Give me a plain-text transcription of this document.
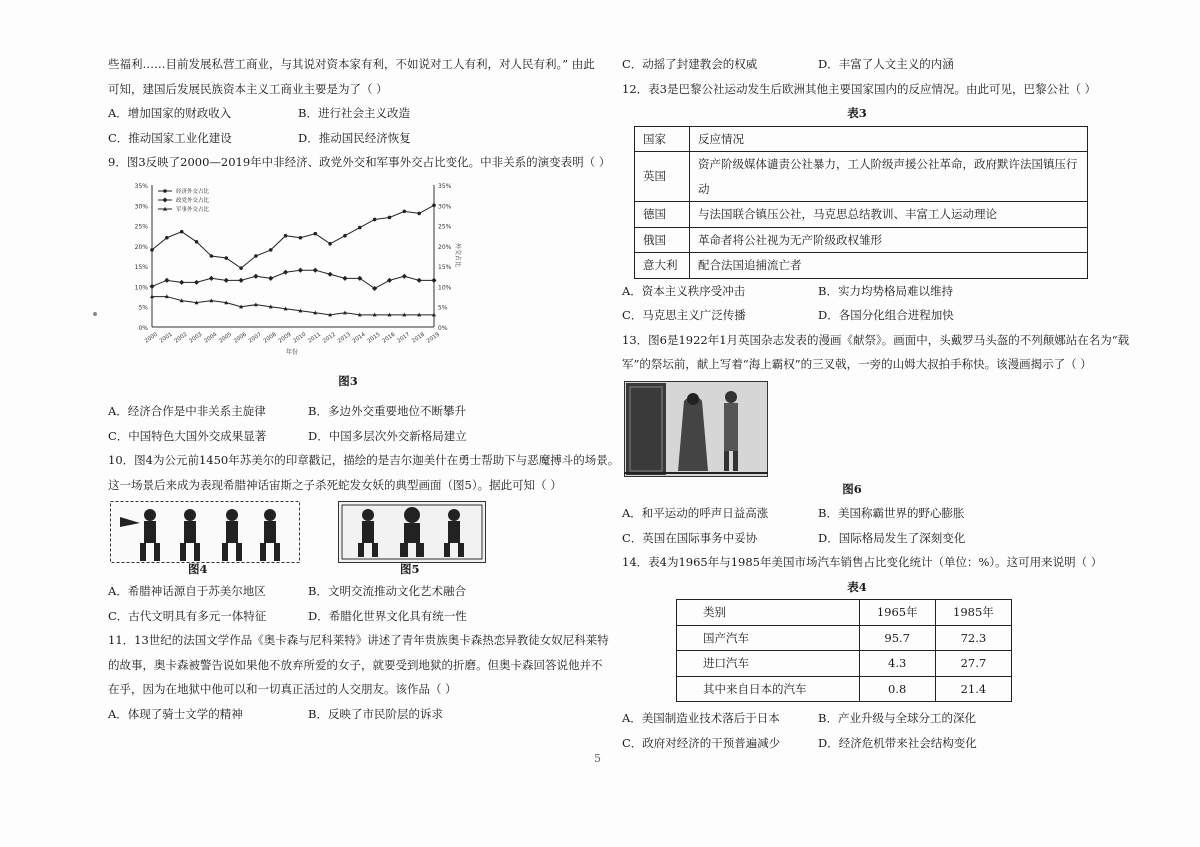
些福利……目前发展私营工商业，与其说对资本家有利，不如说对工人有利，对人民有利。” 由此
可知，建国后发展民族资本主义工商业主要是为了（ ）
A．增加国家的财政收入	B．进行社会主义改造
C．推动国家工业化建设	D．推动国民经济恢复
9．图3反映了2000—2019年中非经济、政党外交和军事外交占比变化。中非关系的演变表明（ ）
0%	0%
5%	5%
10%	10%
15%	15%
20%	20%
25%	25%
30%	30%
35%	35%
2000 2001 2002 2003 2004 2005 2006 2007 2008 2009 2010 2011 2012 2013 2014 2015 2016 2017 2018 2019
年份
外交占比
经济外交占比
政党外交占比
军事外交占比
图3
A．经济合作是中非关系主旋律	B．多边外交重要地位不断攀升
C．中国特色大国外交成果显著	D．中国多层次外交新格局建立
10．图4为公元前1450年苏美尔的印章戳记，描绘的是吉尔迦美什在勇士帮助下与恶魔搏斗的场景。
这一场景后来成为表现希腊神话宙斯之子杀死蛇发女妖的典型画面（图5）。据此可知（ ）
图4	图5
A．希腊神话源自于苏美尔地区	B．文明交流推动文化艺术融合
C．古代文明具有多元一体特征	D．希腊化世界文化具有统一性
11．13世纪的法国文学作品《奥卡森与尼科莱特》讲述了青年贵族奥卡森热恋异教徒女奴尼科莱特
的故事，奥卡森被警告说如果他不放弃所爱的女子，就要受到地狱的折磨。但奥卡森回答说他并不
在乎，因为在地狱中他可以和一切真正活过的人交朋友。该作品（ ）
A．体现了骑士文学的精神	B．反映了市民阶层的诉求
C．动摇了封建教会的权威	D．丰富了人文主义的内涵
12．表3是巴黎公社运动发生后欧洲其他主要国家国内的反应情况。由此可见，巴黎公社（ ）
表3
国家	反应情况
英国	资产阶级媒体谴责公社暴力，工人阶级声援公社革命，政府默许法国镇压行动
德国	与法国联合镇压公社，马克思总结教训、丰富工人运动理论
俄国	革命者将公社视为无产阶级政权雏形
意大利	配合法国追捕流亡者
A．资本主义秩序受冲击	B．实力均势格局难以维持
C．马克思主义广泛传播	D．各国分化组合进程加快
13．图6是1922年1月英国杂志发表的漫画《献祭》。画面中，头戴罗马头盔的不列颠娜站在名为“载
军”的祭坛前，献上写着“海上霸权”的三叉戟，一旁的山姆大叔拍手称快。该漫画揭示了（ ）
图6
A．和平运动的呼声日益高涨	B．美国称霸世界的野心膨胀
C．英国在国际事务中妥协	D．国际格局发生了深刻变化
14．表4为1965年与1985年美国市场汽车销售占比变化统计（单位：%）。这可用来说明（ ）
表4
类别	1965年	1985年
国产汽车	95.7	72.3
进口汽车	4.3	27.7
其中来自日本的汽车	0.8	21.4
A．美国制造业技术落后于日本	B．产业升级与全球分工的深化
C．政府对经济的干预普遍减少	D．经济危机带来社会结构变化
5
